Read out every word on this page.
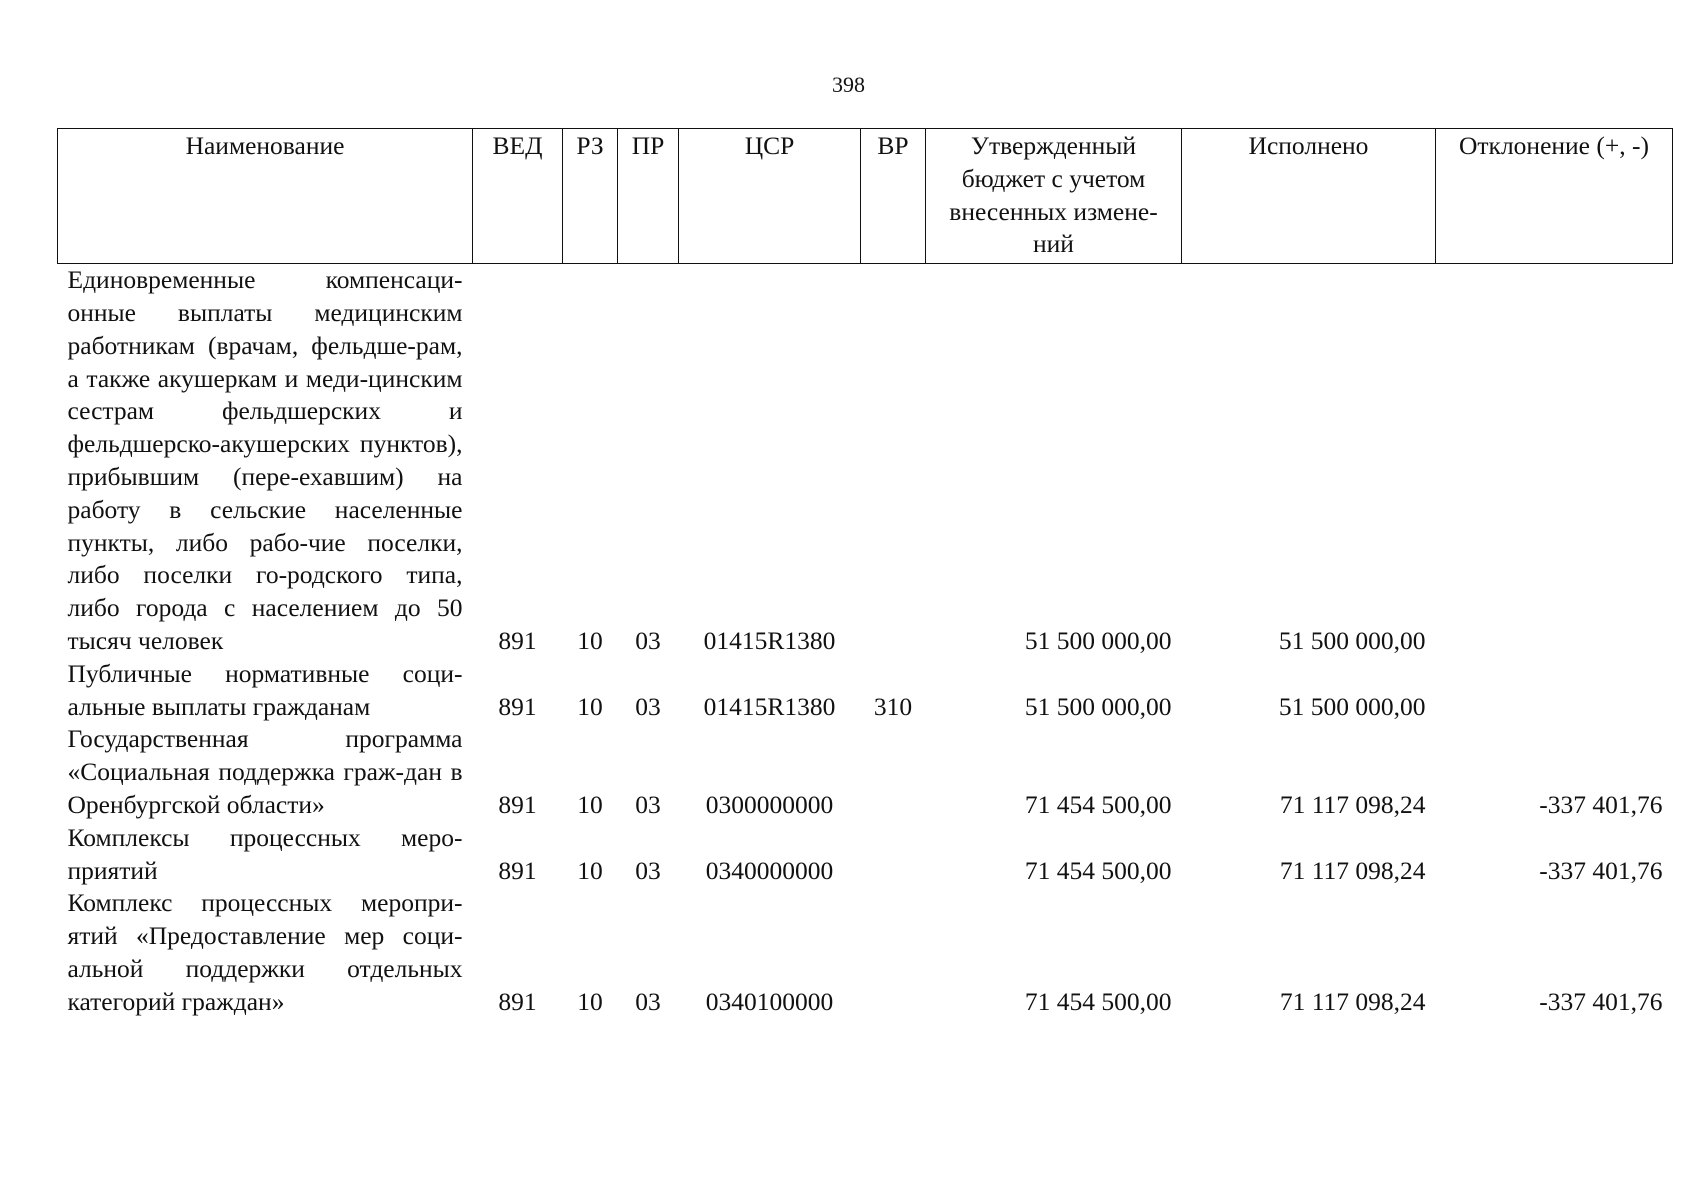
398
Наименование	ВЕД	РЗ	ПР	ЦСР	ВР	Утвержденный бюджет с учетом внесенных измене-ний	Исполнено	Отклонение (+, -)
Единовременные компенсаци-онные выплаты медицинским работникам (врачам, фельдше-рам, а также акушеркам и меди-цинским сестрам фельдшерских и фельдшерско-акушерских пунктов), прибывшим (пере-ехавшим) на работу в сельские населенные пункты, либо рабо-чие поселки, либо поселки го-родского типа, либо города с населением до 50 тысяч человек	891	10	03	01415R1380		51 500 000,00	51 500 000,00	
Публичные нормативные соци-альные выплаты гражданам	891	10	03	01415R1380	310	51 500 000,00	51 500 000,00	
Государственная программа «Социальная поддержка граж-дан в Оренбургской области»	891	10	03	0300000000		71 454 500,00	71 117 098,24	-337 401,76
Комплексы процессных меро-приятий	891	10	03	0340000000		71 454 500,00	71 117 098,24	-337 401,76
Комплекс процессных меропри-ятий «Предоставление мер соци-альной поддержки отдельных категорий граждан»	891	10	03	0340100000		71 454 500,00	71 117 098,24	-337 401,76
